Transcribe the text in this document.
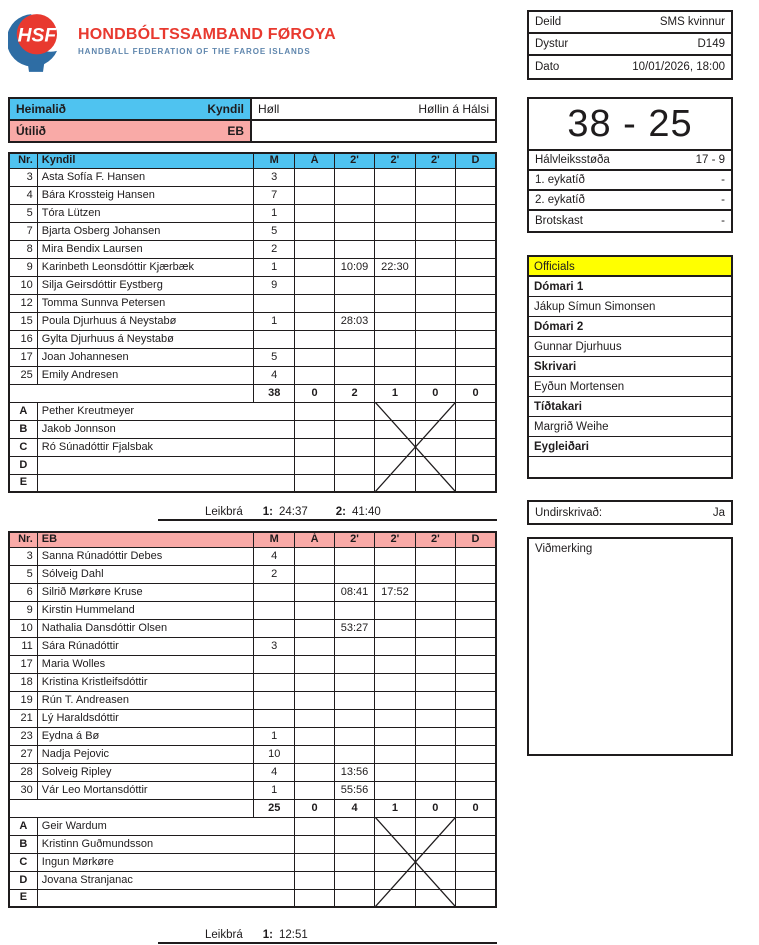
HSF HONDBÓLTSSAMBAND FØROYA
HANDBALL FEDERATION OF THE FAROE ISLANDS
Deild	SMS kvinnur
Dystur	D149
Dato	10/01/2026, 18:00
Heimalið	Kyndil Høll	Høllin á Hálsi
Útilið	EB	38 - 25
Hálvleiksstøða	17 - 9
1. eykatíð	-
2. eykatíð	-
Brotskast	-
Nr.	Kyndil	M	Á	2'	2'	2'	D
3	Asta Sofía F. Hansen	3					
4	Bára Krossteig Hansen	7					
5	Tóra Lützen	1					
7	Bjarta Osberg Johansen	5					
8	Mira Bendix Laursen	2					
9	Karinbeth Leonsdóttir Kjærbæk	1		10:09	22:30		
10	Silja Geirsdóttir Eystberg	9					
12	Tomma Sunnva Petersen						
15	Poula Djurhuus á Neystabø	1		28:03			
16	Gylta Djurhuus á Neystabø						
17	Joan Johannesen	5					
25	Emily Andresen	4					
		38	0	2	1	0	0
A	Pether Kreutmeyer						
B	Jakob Jonnson						
C	Ró Súnadóttir Fjalsbak						
D							
E							
Leikbrá 1: 24:37 2: 41:40
Officials
Dómari 1
Jákup Símun Simonsen
Dómari 2
Gunnar Djurhuus
Skrivari
Eyðun Mortensen
Tíðtakari
Margrið Weihe
Eygleiðari
Undirskrivað:	Ja
Viðmerking
Nr.	EB	M	Á	2'	2'	2'	D
3	Sanna Rúnadóttir Debes	4					
5	Sólveig Dahl	2					
6	Silrið Mørkøre Kruse			08:41	17:52		
9	Kirstin Hummeland						
10	Nathalia Dansdóttir Olsen			53:27			
11	Sára Rúnadóttir	3					
17	Maria Wolles						
18	Kristina Kristleifsdóttir						
19	Rún T. Andreasen						
21	Lý Haraldsdóttir						
23	Eydna á Bø	1					
27	Nadja Pejovic	10					
28	Solveig Ripley	4		13:56			
30	Vár Leo Mortansdóttir	1		55:56			
		25	0	4	1	0	0
A	Geir Wardum						
B	Kristinn Guðmundsson						
C	Ingun Mørkøre						
D	Jovana Stranjanac						
E							
Leikbrá 1: 12:51
